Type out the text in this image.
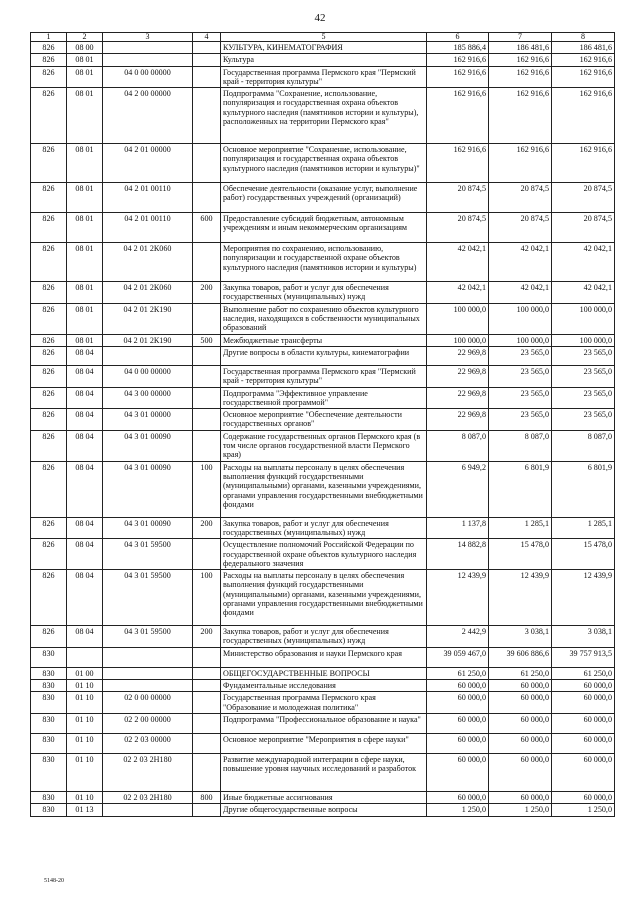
42
1	2	3	4	5	6	7	8
826	08 00			КУЛЬТУРА, КИНЕМАТОГРАФИЯ	185 886,4	186 481,6	186 481,6
826	08 01			Культура	162 916,6	162 916,6	162 916,6
826	08 01	04 0 00 00000		Государственная программа Пермского края "Пермский край - территория культуры"	162 916,6	162 916,6	162 916,6
826	08 01	04 2 00 00000		Подпрограмма "Сохранение, использование, популяризация и государственная охрана объектов культурного наследия (памятников истории и культуры), расположенных на территории Пермского края"	162 916,6	162 916,6	162 916,6
826	08 01	04 2 01 00000		Основное мероприятие "Сохранение, использование, популяризация и государственная охрана объектов культурного наследия (памятников истории и культуры)"	162 916,6	162 916,6	162 916,6
826	08 01	04 2 01 00110		Обеспечение деятельности (оказание услуг, выполнение работ) государственных учреждений (организаций)	20 874,5	20 874,5	20 874,5
826	08 01	04 2 01 00110	600	Предоставление субсидий бюджетным, автономным учреждениям и иным некоммерческим организациям	20 874,5	20 874,5	20 874,5
826	08 01	04 2 01 2К060		Мероприятия по сохранению, использованию, популяризации и государственной охране объектов культурного наследия (памятников истории и культуры)	42 042,1	42 042,1	42 042,1
826	08 01	04 2 01 2К060	200	Закупка товаров, работ и услуг для обеспечения государственных (муниципальных) нужд	42 042,1	42 042,1	42 042,1
826	08 01	04 2 01 2К190		Выполнение работ по сохранению объектов культурного наследия, находящихся в собственности муниципальных образований	100 000,0	100 000,0	100 000,0
826	08 01	04 2 01 2К190	500	Межбюджетные трансферты	100 000,0	100 000,0	100 000,0
826	08 04			Другие вопросы в области культуры, кинематографии	22 969,8	23 565,0	23 565,0
826	08 04	04 0 00 00000		Государственная программа Пермского края "Пермский край - территория культуры"	22 969,8	23 565,0	23 565,0
826	08 04	04 3 00 00000		Подпрограмма "Эффективное управление государственной программой"	22 969,8	23 565,0	23 565,0
826	08 04	04 3 01 00000		Основное мероприятие "Обеспечение деятельности государственных органов"	22 969,8	23 565,0	23 565,0
826	08 04	04 3 01 00090		Содержание государственных органов Пермского края (в том числе органов государственной власти Пермского края)	8 087,0	8 087,0	8 087,0
826	08 04	04 3 01 00090	100	Расходы на выплаты персоналу в целях обеспечения выполнения функций государственными (муниципальными) органами, казенными учреждениями, органами управления государственными внебюджетными фондами	6 949,2	6 801,9	6 801,9
826	08 04	04 3 01 00090	200	Закупка товаров, работ и услуг для обеспечения государственных (муниципальных) нужд	1 137,8	1 285,1	1 285,1
826	08 04	04 3 01 59500		Осуществление полномочий Российской Федерации по государственной охране объектов культурного наследия федерального значения	14 882,8	15 478,0	15 478,0
826	08 04	04 3 01 59500	100	Расходы на выплаты персоналу в целях обеспечения выполнения функций государственными (муниципальными) органами, казенными учреждениями, органами управления государственными внебюджетными фондами	12 439,9	12 439,9	12 439,9
826	08 04	04 3 01 59500	200	Закупка товаров, работ и услуг для обеспечения государственных (муниципальных) нужд	2 442,9	3 038,1	3 038,1
830				Министерство образования и науки Пермского края	39 059 467,0	39 606 886,6	39 757 913,5
830	01 00			ОБЩЕГОСУДАРСТВЕННЫЕ ВОПРОСЫ	61 250,0	61 250,0	61 250,0
830	01 10			Фундаментальные исследования	60 000,0	60 000,0	60 000,0
830	01 10	02 0 00 00000		Государственная программа Пермского края "Образование и молодежная политика"	60 000,0	60 000,0	60 000,0
830	01 10	02 2 00 00000		Подпрограмма "Профессиональное образование и наука"	60 000,0	60 000,0	60 000,0
830	01 10	02 2 03 00000		Основное мероприятие "Мероприятия в сфере науки"	60 000,0	60 000,0	60 000,0
830	01 10	02 2 03 2Н180		Развитие международной интеграции в сфере науки, повышение уровня научных исследований и разработок	60 000,0	60 000,0	60 000,0
830	01 10	02 2 03 2Н180	800	Иные бюджетные ассигнования	60 000,0	60 000,0	60 000,0
830	01 13			Другие общегосударственные вопросы	1 250,0	1 250,0	1 250,0
5148-20
